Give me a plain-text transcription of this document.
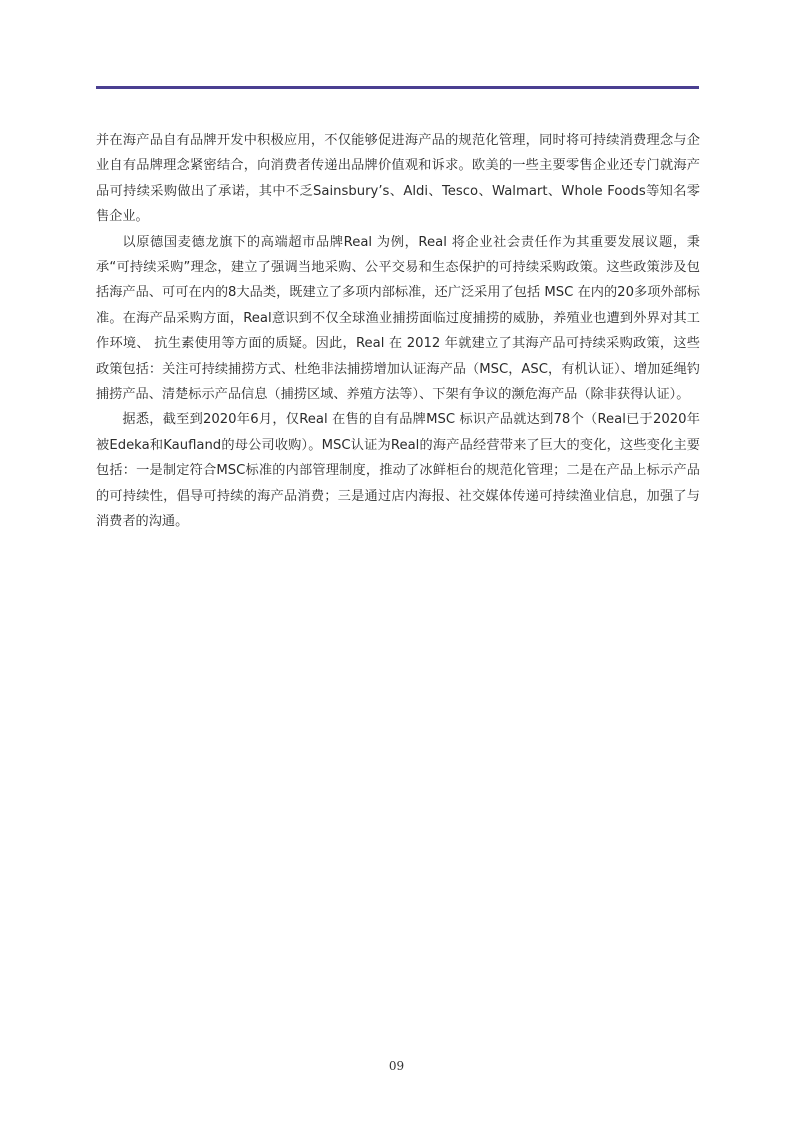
并在海产品自有品牌开发中积极应用，不仅能够促进海产品的规范化管理，同时将可持续消费理念与企业自有品牌理念紧密结合，向消费者传递出品牌价值观和诉求。欧美的一些主要零售企业还专门就海产品可持续采购做出了承诺，其中不乏Sainsbury’s、Aldi、Tesco、Walmart、Whole Foods等知名零售企业。

以原德国麦德龙旗下的高端超市品牌Real 为例，Real 将企业社会责任作为其重要发展议题，秉承“可持续采购”理念，建立了强调当地采购、公平交易和生态保护的可持续采购政策。这些政策涉及包括海产品、可可在内的8大品类，既建立了多项内部标准，还广泛采用了包括 MSC 在内的20多项外部标准。在海产品采购方面，Real意识到不仅全球渔业捕捞面临过度捕捞的威胁，养殖业也遭到外界对其工作环境、 抗生素使用等方面的质疑。因此，Real 在 2012 年就建立了其海产品可持续采购政策，这些政策包括：关注可持续捕捞方式、杜绝非法捕捞增加认证海产品（MSC，ASC，有机认证）、增加延绳钓捕捞产品、清楚标示产品信息（捕捞区域、养殖方法等）、下架有争议的濒危海产品（除非获得认证）。

据悉，截至到2020年6月，仅Real 在售的自有品牌MSC 标识产品就达到78个（Real已于2020年被Edeka和Kaufland的母公司收购）。MSC认证为Real的海产品经营带来了巨大的变化，这些变化主要包括：一是制定符合MSC标准的内部管理制度，推动了冰鲜柜台的规范化管理；二是在产品上标示产品的可持续性，倡导可持续的海产品消费；三是通过店内海报、社交媒体传递可持续渔业信息，加强了与消费者的沟通。

09
